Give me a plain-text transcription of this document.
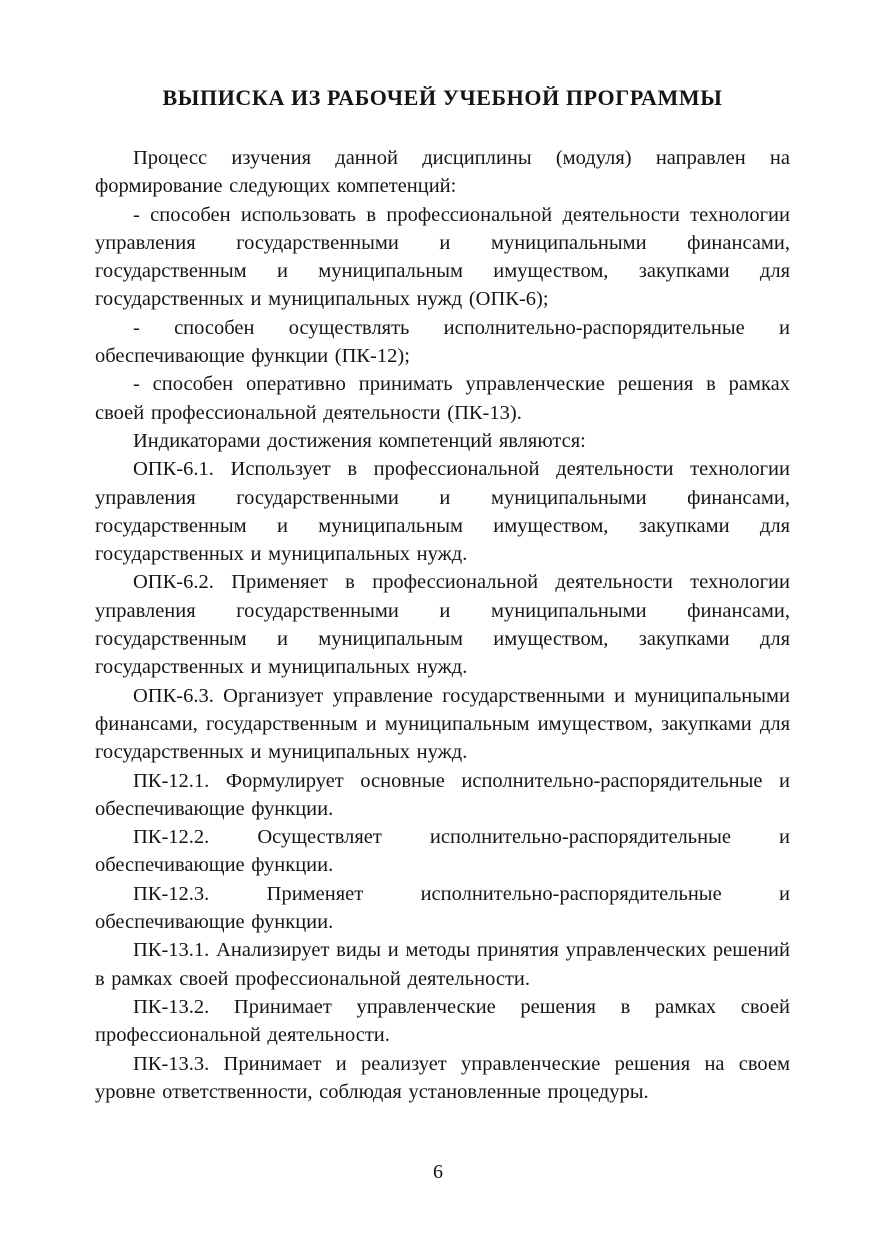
ВЫПИСКА ИЗ РАБОЧЕЙ УЧЕБНОЙ ПРОГРАММЫ

Процесс изучения данной дисциплины (модуля) направлен на формирование следующих компетенций:

- способен использовать в профессиональной деятельности технологии управления государственными и муниципальными финансами, государственным и муниципальным имуществом, закупками для государственных и муниципальных нужд (ОПК-6);

- способен осуществлять исполнительно-распорядительные и обеспечивающие функции (ПК-12);

- способен оперативно принимать управленческие решения в рамках своей профессиональной деятельности (ПК-13).

Индикаторами достижения компетенций являются:

ОПК-6.1. Использует в профессиональной деятельности технологии управления государственными и муниципальными финансами, государственным и муниципальным имуществом, закупками для государственных и муниципальных нужд.

ОПК-6.2. Применяет в профессиональной деятельности технологии управления государственными и муниципальными финансами, государственным и муниципальным имуществом, закупками для государственных и муниципальных нужд.

ОПК-6.3. Организует управление государственными и муниципальными финансами, государственным и муниципальным имуществом, закупками для государственных и муниципальных нужд.

ПК-12.1. Формулирует основные исполнительно-распорядительные и обеспечивающие функции.

ПК-12.2. Осуществляет исполнительно-распорядительные и обеспечивающие функции.

ПК-12.3. Применяет исполнительно-распорядительные и обеспечивающие функции.

ПК-13.1. Анализирует виды и методы принятия управленческих решений в рамках своей профессиональной деятельности.

ПК-13.2. Принимает управленческие решения в рамках своей профессиональной деятельности.

ПК-13.3. Принимает и реализует управленческие решения на своем уровне ответственности, соблюдая установленные процедуры.

6
